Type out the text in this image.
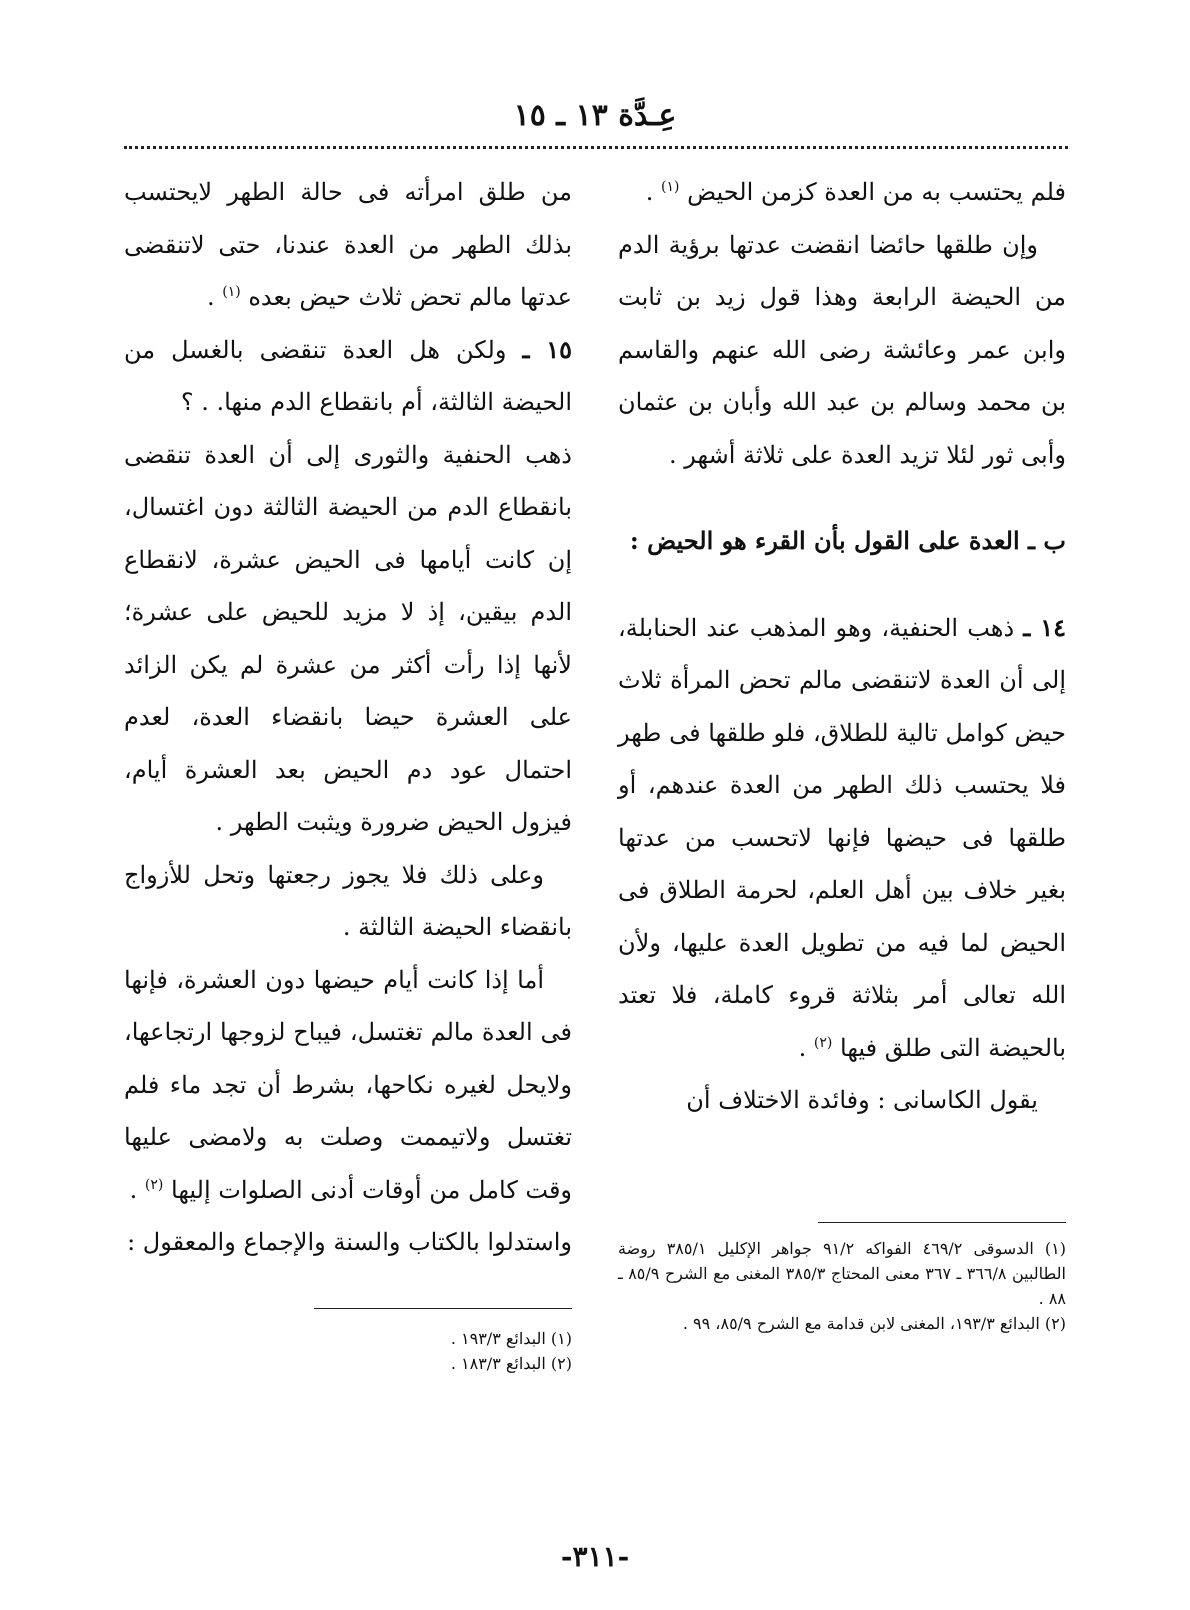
عِـدَّة ١٣ ـ ١٥

فلم يحتسب به من العدة كزمن الحيض $^{(١)}$ .

وإن طلقها حائضا انقضت عدتها برؤية الدم من الحيضة الرابعة وهذا قول زيد بن ثابت وابن عمر وعائشة رضى الله عنهم والقاسم بن محمد وسالم بن عبد الله وأبان بن عثمان وأبى ثور لئلا تزيد العدة على ثلاثة أشهر .

ب ـ العدة على القول بأن القرء هو الحيض :

١٤ ـ ذهب الحنفية، وهو المذهب عند الحنابلة، إلى أن العدة لاتنقضى مالم تحض المرأة ثلاث حيض كوامل تالية للطلاق، فلو طلقها فى طهر فلا يحتسب ذلك الطهر من العدة عندهم، أو طلقها فى حيضها فإنها لاتحسب من عدتها بغير خلاف بين أهل العلم، لحرمة الطلاق فى الحيض لما فيه من تطويل العدة عليها، ولأن الله تعالى أمر بثلاثة قروء كاملة، فلا تعتد بالحيضة التى طلق فيها $^{(٢)}$ .

يقول الكاسانى : وفائدة الاختلاف أن

من طلق امرأته فى حالة الطهر لايحتسب بذلك الطهر من العدة عندنا، حتى لاتنقضى عدتها مالم تحض ثلاث حيض بعده $^{(١)}$ .

١٥ ـ ولكن هل العدة تنقضى بالغسل من الحيضة الثالثة، أم بانقطاع الدم منها. . ؟

ذهب الحنفية والثورى إلى أن العدة تنقضى بانقطاع الدم من الحيضة الثالثة دون اغتسال، إن كانت أيامها فى الحيض عشرة، لانقطاع الدم بيقين، إذ لا مزيد للحيض على عشرة؛ لأنها إذا رأت أكثر من عشرة لم يكن الزائد على العشرة حيضا بانقضاء العدة، لعدم احتمال عود دم الحيض بعد العشرة أيام، فيزول الحيض ضرورة ويثبت الطهر .

وعلى ذلك فلا يجوز رجعتها وتحل للأزواج بانقضاء الحيضة الثالثة .

أما إذا كانت أيام حيضها دون العشرة، فإنها فى العدة مالم تغتسل، فيباح لزوجها ارتجاعها، ولايحل لغيره نكاحها، بشرط أن تجد ماء فلم تغتسل ولاتيممت وصلت به ولامضى عليها وقت كامل من أوقات أدنى الصلوات إليها $^{(٢)}$ .

واستدلوا بالكتاب والسنة والإجماع والمعقول :	(١) الدسوقى ٤٦٩/٢ الفواكه ٩١/٢ جواهر الإكليل ٣٨٥/١ روضة الطالبين ٣٦٦/٨ ـ ٣٦٧ معنى المحتاج ٣٨٥/٣ المغنى مع الشرح ٨٥/٩ ـ ٨٨ .

(٢) البدائع ١٩٣/٣، المغنى لابن قدامة مع الشرح ٨٥/٩، ٩٩ .

(١) البدائع ١٩٣/٣ .

(٢) البدائع ١٨٣/٣ .

-٣١١-
